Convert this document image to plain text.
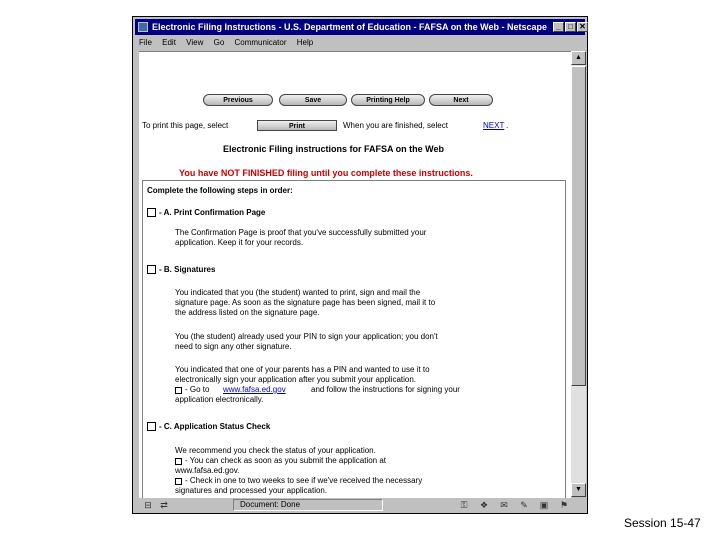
Electronic Filing Instructions - U.S. Department of Education - FAFSA on the Web - Netscape	_ □ ✕
File Edit View Go Communicator Help
Previous	Save	Printing Help	Next
To print this page, select	Print	When you are finished, select	NEXT .
Electronic Filing instructions for FAFSA on the Web
You have NOT FINISHED filing until you complete these instructions.
Complete the following steps in order:
- A. Print Confirmation Page
The Confirmation Page is proof that you've successfully submitted your
application. Keep it for your records.
- B. Signatures
You indicated that you (the student) wanted to print, sign and mail the
signature page. As soon as the signature page has been signed, mail it to
the address listed on the signature page.
You (the student) already used your PIN to sign your application; you don't
need to sign any other signature.
You indicated that one of your parents has a PIN and wanted to use it to
electronically sign your application after you submit your application.
- Go to www.fafsa.ed.gov	and follow the instructions for signing your
application electronically.
- C. Application Status Check
We recommend you check the status of your application.
- You can check as soon as you submit the application at
www.fafsa.ed.gov.
- Check in one to two weeks to see if we've received the necessary
signatures and processed your application.
▲
▼
⊟ ⇄	Document: Done	⚿	❖	✉	✎	▣	⚑
Session 15-47
